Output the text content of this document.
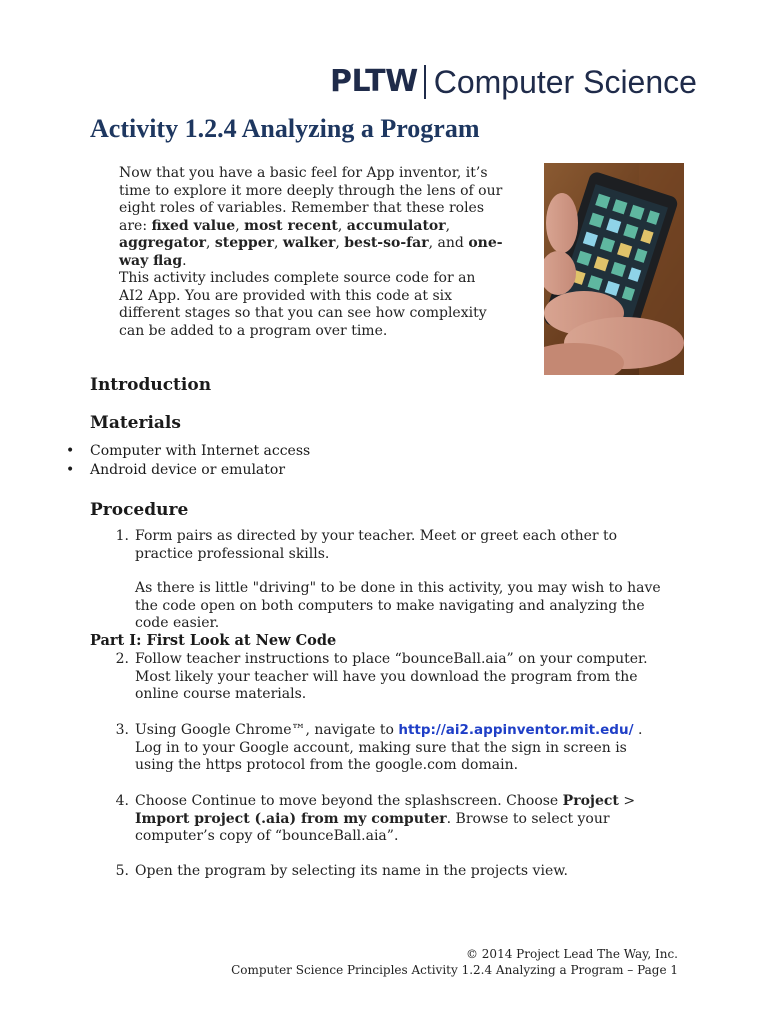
PLTW Computer Science
Activity 1.2.4 Analyzing a Program

Now that you have a basic feel for App inventor, it’s time to explore it more deeply through the lens of our eight roles of variables. Remember that these roles are: fixed value, most recent, accumulator, aggregator, stepper, walker, best-so-far, and one-way flag.

This activity includes complete source code for an AI2 App. You are provided with this code at six different stages so that you can see how complexity can be added to a program over time.

Introduction
Materials
• Computer with Internet access
• Android device or emulator
Procedure
1. Form pairs as directed by your teacher. Meet or greet each other to practice professional skills.

As there is little "driving" to be done in this activity, you may wish to have the code open on both computers to make navigating and analyzing the code easier.

Part I: First Look at New Code

2. Follow teacher instructions to place “bounceBall.aia” on your computer. Most likely your teacher will have you download the program from the online course materials.

3. Using Google Chrome™, navigate to http://ai2.appinventor.mit.edu/ . Log in to your Google account, making sure that the sign in screen is using the https protocol from the google.com domain.

4. Choose Continue to move beyond the splashscreen. Choose Project > Import project (.aia) from my computer. Browse to select your computer’s copy of “bounceBall.aia”.

5. Open the program by selecting its name in the projects view.

© 2014 Project Lead The Way, Inc.
Computer Science Principles Activity 1.2.4 Analyzing a Program – Page 1
